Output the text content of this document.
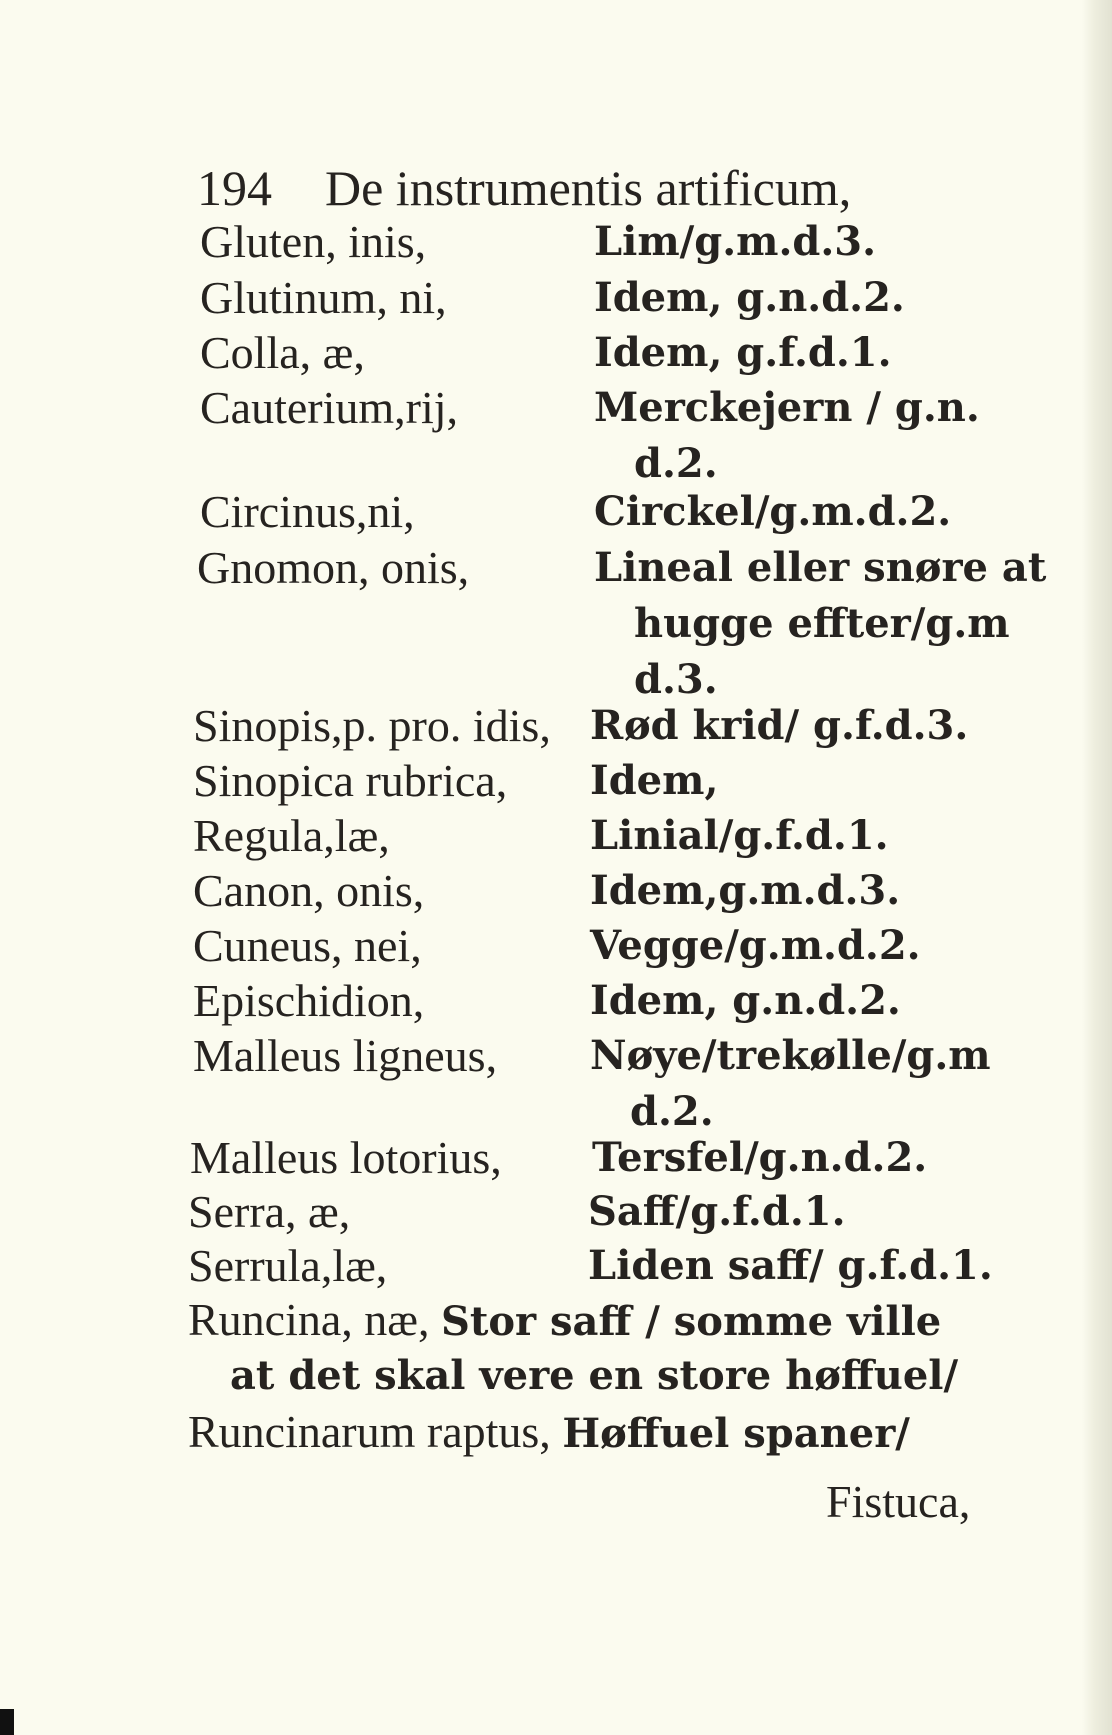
194 De instrumentis artificum,
Gluten, inis,	Lim/g.m.d.3.
Glutinum, ni,	Idem, g.n.d.2.
Colla, æ,	Idem, g.f.d.1.
Cauterium,rij,	Merckejern / g.n.
d.2.
Circinus,ni,	Circkel/g.m.d.2.
Gnomon, onis,	Lineal eller snøre at
hugge effter/g.m
d.3.
Sinopis,p. pro. idis, Rød krid/ g.f.d.3.
Sinopica rubrica, Idem,
Regula,læ,	Linial/g.f.d.1.
Canon, onis,	Idem,g.m.d.3.
Cuneus, nei,	Vegge/g.m.d.2.
Epischidion,	Idem, g.n.d.2.
Malleus ligneus, Nøye/trekølle/g.m
d.2.
Malleus lotorius, Tersfel/g.n.d.2.
Serra, æ,	Saff/g.f.d.1.
Serrula,læ,	Liden saff/ g.f.d.1.
Runcina, næ, Stor saff / somme ville
at det skal vere en store høffuel/
Runcinarum raptus, Høffuel spaner/
Fistuca,
